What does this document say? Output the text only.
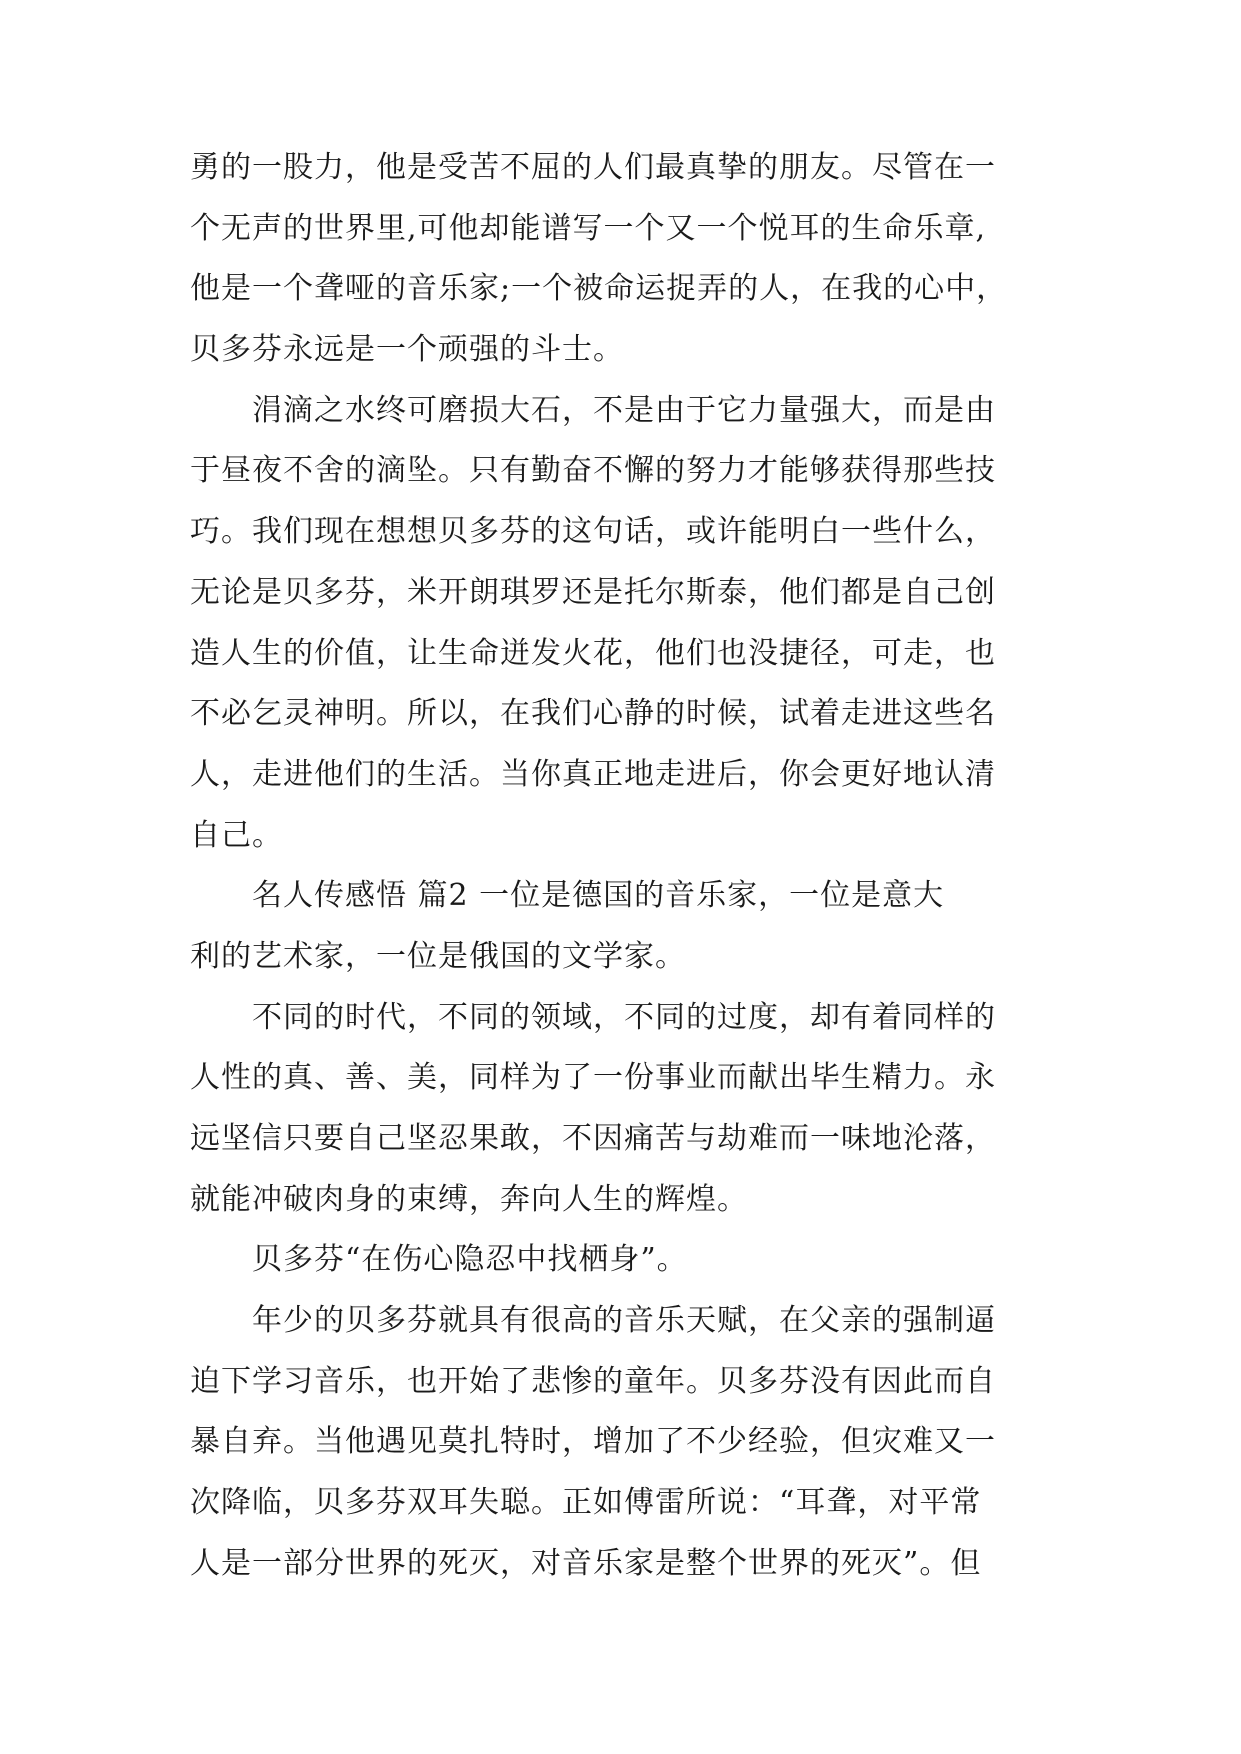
勇的一股力，他是受苦不屈的人们最真挚的朋友。尽管在一
个无声的世界里,可他却能谱写一个又一个悦耳的生命乐章,
他是一个聋哑的音乐家;一个被命运捉弄的人，在我的心中，
贝多芬永远是一个顽强的斗士。
涓滴之水终可磨损大石，不是由于它力量强大，而是由
于昼夜不舍的滴坠。只有勤奋不懈的努力才能够获得那些技
巧。我们现在想想贝多芬的这句话，或许能明白一些什么，
无论是贝多芬，米开朗琪罗还是托尔斯泰，他们都是自己创
造人生的价值，让生命迸发火花，他们也没捷径，可走，也
不必乞灵神明。所以，在我们心静的时候，试着走进这些名
人，走进他们的生活。当你真正地走进后，你会更好地认清
自己。
名人传感悟 篇2 一位是德国的音乐家，一位是意大
利的艺术家，一位是俄国的文学家。
不同的时代，不同的领域，不同的过度，却有着同样的
人性的真、善、美，同样为了一份事业而献出毕生精力。永
远坚信只要自己坚忍果敢，不因痛苦与劫难而一味地沦落，
就能冲破肉身的束缚，奔向人生的辉煌。
贝多芬“在伤心隐忍中找栖身”。
年少的贝多芬就具有很高的音乐天赋，在父亲的强制逼
迫下学习音乐，也开始了悲惨的童年。贝多芬没有因此而自
暴自弃。当他遇见莫扎特时，增加了不少经验，但灾难又一
次降临，贝多芬双耳失聪。正如傅雷所说：“耳聋，对平常
人是一部分世界的死灭，对音乐家是整个世界的死灭”。但
